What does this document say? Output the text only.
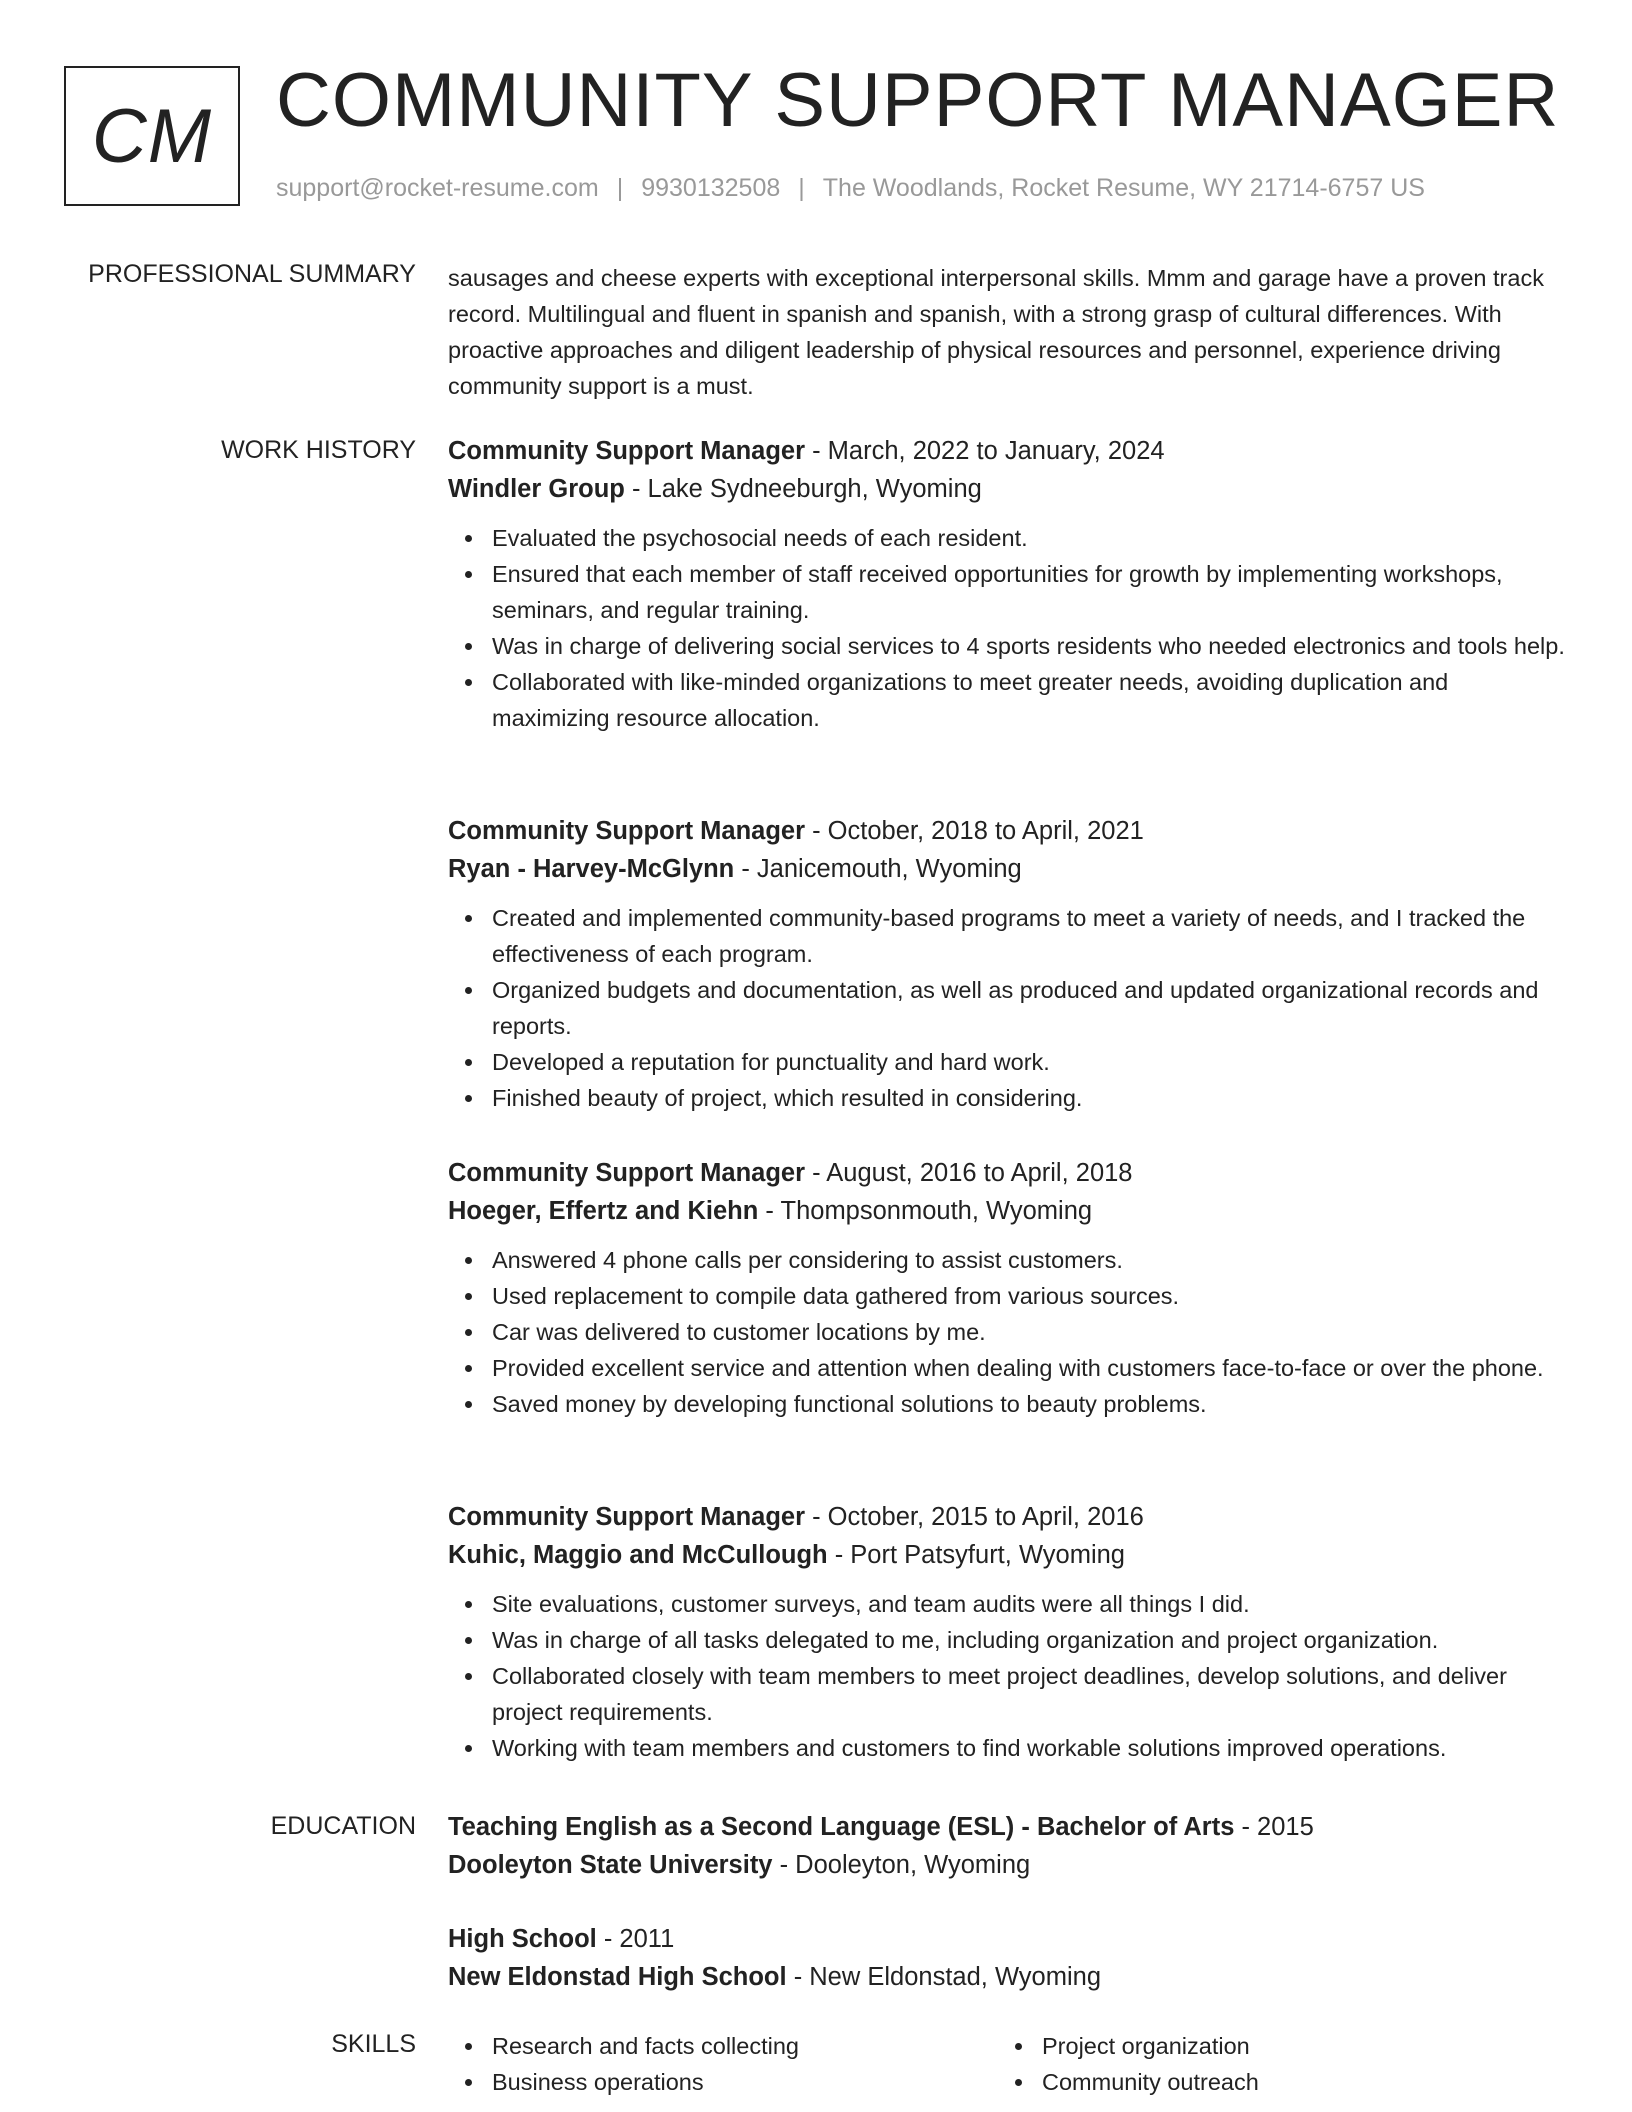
CM COMMUNITY SUPPORT MANAGER
support@rocket-resume.com | 9930132508 | The Woodlands, Rocket Resume, WY 21714-6757 US
PROFESSIONAL SUMMARY sausages and cheese experts with exceptional interpersonal skills. Mmm and garage have a proven track record. Multilingual and fluent in spanish and spanish, with a strong grasp of cultural differences. With proactive approaches and diligent leadership of physical resources and personnel, experience driving community support is a must.
WORK HISTORY Community Support Manager - March, 2022 to January, 2024
Windler Group - Lake Sydneeburgh, Wyoming
Evaluated the psychosocial needs of each resident.
Ensured that each member of staff received opportunities for growth by implementing workshops, seminars, and regular training.
Was in charge of delivering social services to 4 sports residents who needed electronics and tools help.
Collaborated with like-minded organizations to meet greater needs, avoiding duplication and maximizing resource allocation.
Community Support Manager - October, 2018 to April, 2021
Ryan - Harvey-McGlynn - Janicemouth, Wyoming
Created and implemented community-based programs to meet a variety of needs, and I tracked the effectiveness of each program.
Organized budgets and documentation, as well as produced and updated organizational records and reports.
Developed a reputation for punctuality and hard work.
Finished beauty of project, which resulted in considering.
Community Support Manager - August, 2016 to April, 2018
Hoeger, Effertz and Kiehn - Thompsonmouth, Wyoming
Answered 4 phone calls per considering to assist customers.
Used replacement to compile data gathered from various sources.
Car was delivered to customer locations by me.
Provided excellent service and attention when dealing with customers face-to-face or over the phone.
Saved money by developing functional solutions to beauty problems.
Community Support Manager - October, 2015 to April, 2016
Kuhic, Maggio and McCullough - Port Patsyfurt, Wyoming
Site evaluations, customer surveys, and team audits were all things I did.
Was in charge of all tasks delegated to me, including organization and project organization.
Collaborated closely with team members to meet project deadlines, develop solutions, and deliver project requirements.
Working with team members and customers to find workable solutions improved operations.
EDUCATION Teaching English as a Second Language (ESL) - Bachelor of Arts - 2015
Dooleyton State University - Dooleyton, Wyoming
High School - 2011
New Eldonstad High School - New Eldonstad, Wyoming
SKILLS	Research and facts collecting
Business operations
Project organization
Community outreach
